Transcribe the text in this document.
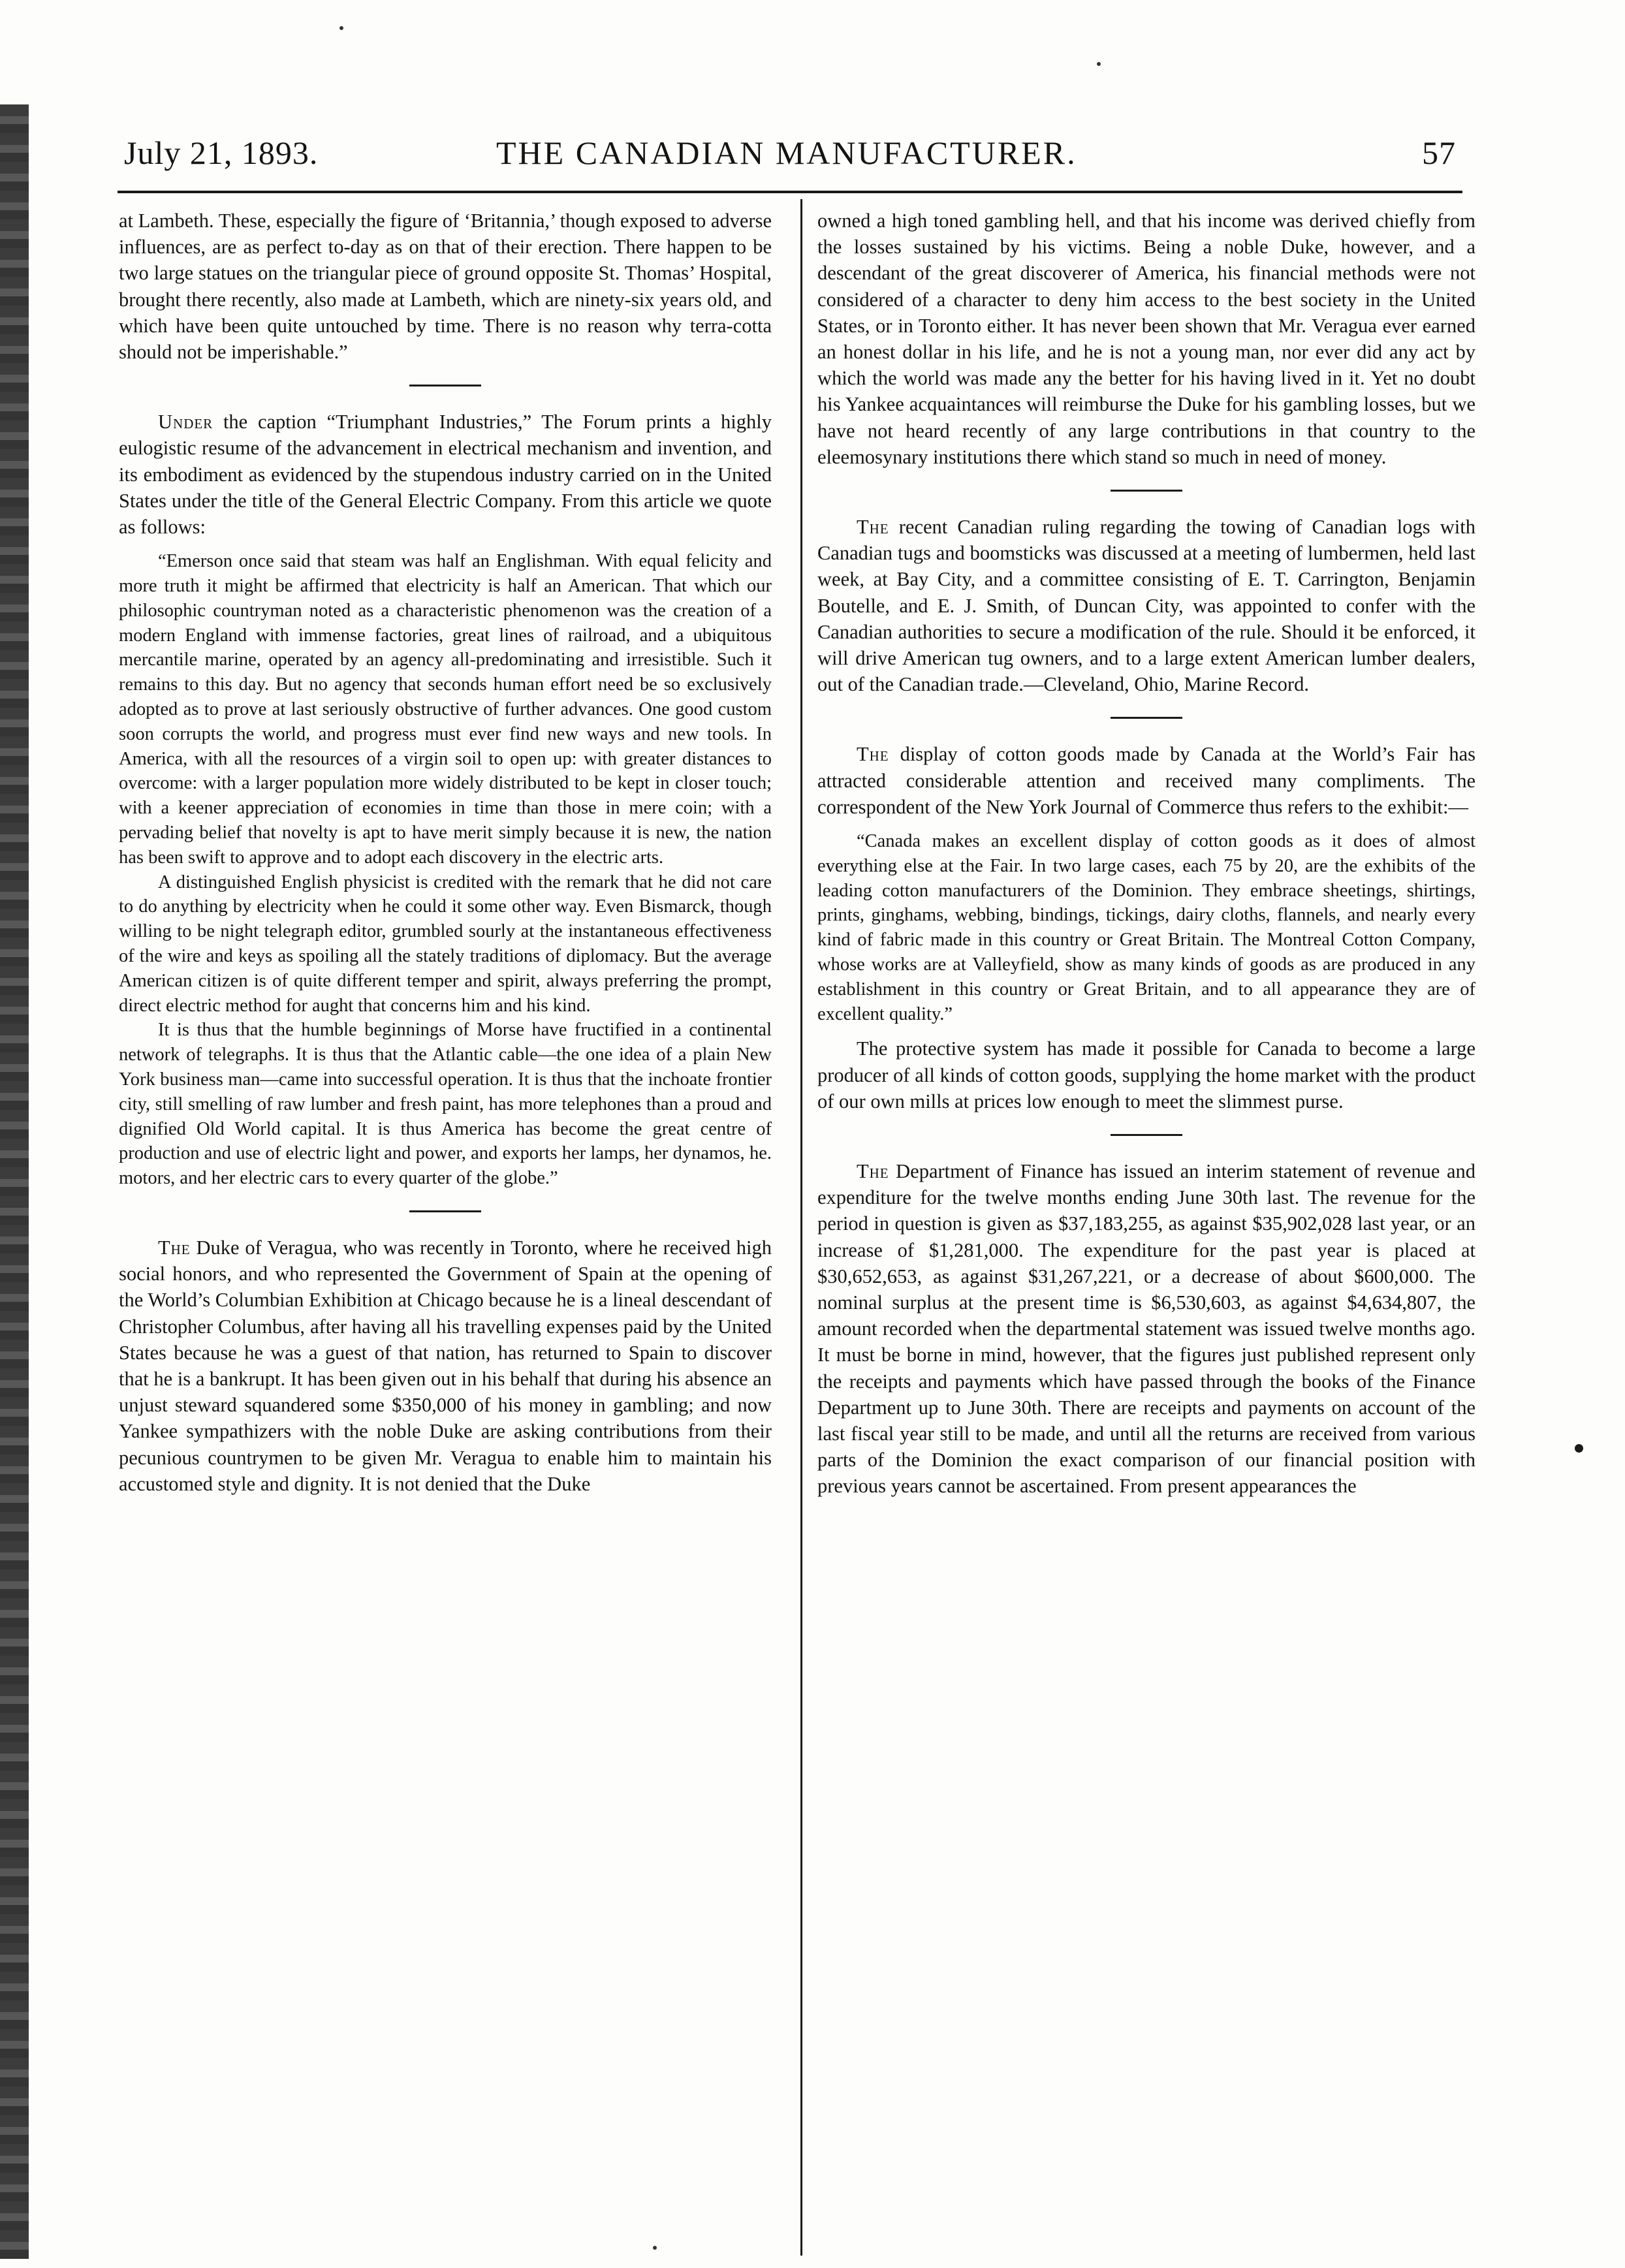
July 21, 1893.	THE CANADIAN MANUFACTURER.	57

at Lambeth. These, especially the figure of ‘Britannia,’ though exposed to adverse influences, are as perfect to-day as on that of their erection. There happen to be two large statues on the triangular piece of ground opposite St. Thomas’ Hospital, brought there recently, also made at Lambeth, which are ninety-six years old, and which have been quite untouched by time. There is no reason why terra-cotta should not be imperishable.”

Under the caption “Triumphant Industries,” The Forum prints a highly eulogistic resume of the advancement in electrical mechanism and invention, and its embodiment as evidenced by the stupendous industry carried on in the United States under the title of the General Electric Company. From this article we quote as follows:

“Emerson once said that steam was half an Englishman. With equal felicity and more truth it might be affirmed that electricity is half an American. That which our philosophic countryman noted as a characteristic phenomenon was the creation of a modern England with immense factories, great lines of railroad, and a ubiquitous mercantile marine, operated by an agency all-predominating and irresistible. Such it remains to this day. But no agency that seconds human effort need be so exclusively adopted as to prove at last seriously obstructive of further advances. One good custom soon corrupts the world, and progress must ever find new ways and new tools. In America, with all the resources of a virgin soil to open up: with greater distances to overcome: with a larger population more widely distributed to be kept in closer touch; with a keener appreciation of economies in time than those in mere coin; with a pervading belief that novelty is apt to have merit simply because it is new, the nation has been swift to approve and to adopt each discovery in the electric arts.

A distinguished English physicist is credited with the remark that he did not care to do anything by electricity when he could it some other way. Even Bismarck, though willing to be night telegraph editor, grumbled sourly at the instantaneous effectiveness of the wire and keys as spoiling all the stately traditions of diplomacy. But the average American citizen is of quite different temper and spirit, always preferring the prompt, direct electric method for aught that concerns him and his kind.

It is thus that the humble beginnings of Morse have fructified in a continental network of telegraphs. It is thus that the Atlantic cable—the one idea of a plain New York business man—came into successful operation. It is thus that the inchoate frontier city, still smelling of raw lumber and fresh paint, has more telephones than a proud and dignified Old World capital. It is thus America has become the great centre of production and use of electric light and power, and exports her lamps, her dynamos, he. motors, and her electric cars to every quarter of the globe.”

The Duke of Veragua, who was recently in Toronto, where he received high social honors, and who represented the Government of Spain at the opening of the World’s Columbian Exhibition at Chicago because he is a lineal descendant of Christopher Columbus, after having all his travelling expenses paid by the United States because he was a guest of that nation, has returned to Spain to discover that he is a bankrupt. It has been given out in his behalf that during his absence an unjust steward squandered some $350,000 of his money in gambling; and now Yankee sympathizers with the noble Duke are asking contributions from their pecunious countrymen to be given Mr. Veragua to enable him to maintain his accustomed style and dignity. It is not denied that the Duke

owned a high toned gambling hell, and that his income was derived chiefly from the losses sustained by his victims. Being a noble Duke, however, and a descendant of the great discoverer of America, his financial methods were not considered of a character to deny him access to the best society in the United States, or in Toronto either. It has never been shown that Mr. Veragua ever earned an honest dollar in his life, and he is not a young man, nor ever did any act by which the world was made any the better for his having lived in it. Yet no doubt his Yankee acquaintances will reimburse the Duke for his gambling losses, but we have not heard recently of any large contributions in that country to the eleemosynary institutions there which stand so much in need of money.

The recent Canadian ruling regarding the towing of Canadian logs with Canadian tugs and boomsticks was discussed at a meeting of lumbermen, held last week, at Bay City, and a committee consisting of E. T. Carrington, Benjamin Boutelle, and E. J. Smith, of Duncan City, was appointed to confer with the Canadian authorities to secure a modification of the rule. Should it be enforced, it will drive American tug owners, and to a large extent American lumber dealers, out of the Canadian trade.—Cleveland, Ohio, Marine Record.

The display of cotton goods made by Canada at the World’s Fair has attracted considerable attention and received many compliments. The correspondent of the New York Journal of Commerce thus refers to the exhibit:—

“Canada makes an excellent display of cotton goods as it does of almost everything else at the Fair. In two large cases, each 75 by 20, are the exhibits of the leading cotton manufacturers of the Dominion. They embrace sheetings, shirtings, prints, ginghams, webbing, bindings, tickings, dairy cloths, flannels, and nearly every kind of fabric made in this country or Great Britain. The Montreal Cotton Company, whose works are at Valleyfield, show as many kinds of goods as are produced in any establishment in this country or Great Britain, and to all appearance they are of excellent quality.”

The protective system has made it possible for Canada to become a large producer of all kinds of cotton goods, supplying the home market with the product of our own mills at prices low enough to meet the slimmest purse.

The Department of Finance has issued an interim statement of revenue and expenditure for the twelve months ending June 30th last. The revenue for the period in question is given as $37,183,255, as against $35,902,028 last year, or an increase of $1,281,000. The expenditure for the past year is placed at $30,652,653, as against $31,267,221, or a decrease of about $600,000. The nominal surplus at the present time is $6,530,603, as against $4,634,807, the amount recorded when the departmental statement was issued twelve months ago. It must be borne in mind, however, that the figures just published represent only the receipts and payments which have passed through the books of the Finance Department up to June 30th. There are receipts and payments on account of the last fiscal year still to be made, and until all the returns are received from various parts of the Dominion the exact comparison of our financial position with previous years cannot be ascertained. From present appearances the
